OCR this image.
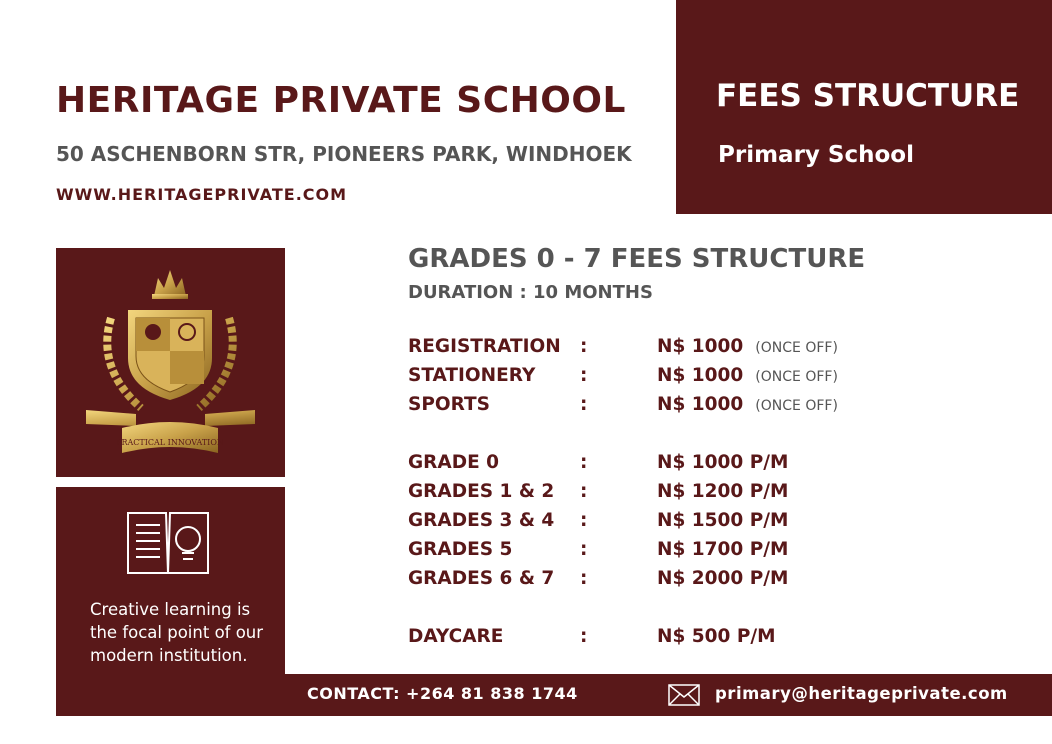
HERITAGE PRIVATE SCHOOL
50 ASCHENBORN STR, PIONEERS PARK, WINDHOEK
WWW.HERITAGEPRIVATE.COM
FEES STRUCTURE
Primary School
PRACTICAL INNOVATION
Creative learning is the focal point of our modern institution.
GRADES 0 - 7 FEES STRUCTURE
DURATION : 10 MONTHS
REGISTRATION :	N$ 1000 (ONCE OFF)
STATIONERY :	N$ 1000 (ONCE OFF)
SPORTS	:	N$ 1000 (ONCE OFF)
GRADE 0	:	N$ 1000 P/M
GRADES 1 & 2 :	N$ 1200 P/M
GRADES 3 & 4 :	N$ 1500 P/M
GRADES 5	:	N$ 1700 P/M
GRADES 6 & 7 :	N$ 2000 P/M
DAYCARE	:	N$ 500 P/M
CONTACT: +264 81 838 1744	primary@heritageprivate.com
